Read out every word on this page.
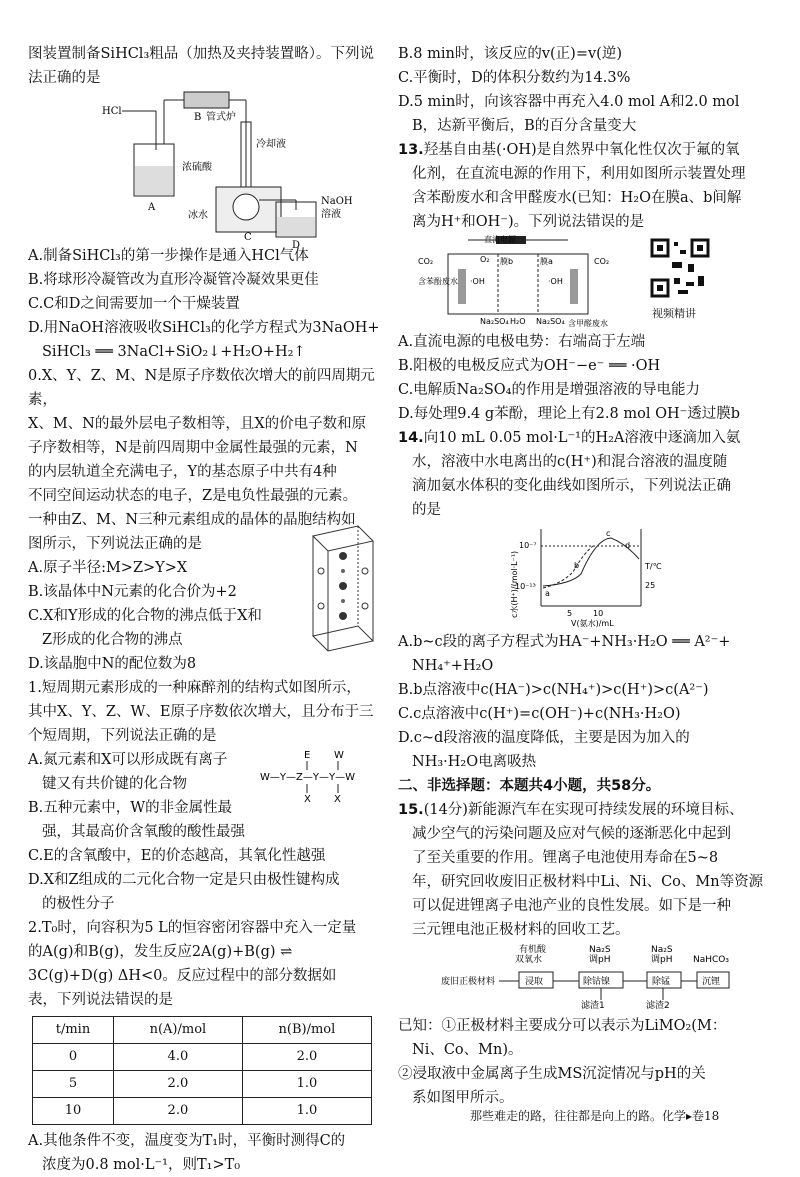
图装置制备SiHCl₃粗品（加热及夹持装置略）。下列说法正确的是

HCl
B 管式炉
浓硫酸
A
冷却液
冰水
C
NaOH
溶液
D

A.制备SiHCl₃的第一步操作是通入HCl气体

B.将球形冷凝管改为直形冷凝管冷凝效果更佳

C.C和D之间需要加一个干燥装置

D.用NaOH溶液吸收SiHCl₃的化学方程式为3NaOH+

SiHCl₃ ══ 3NaCl+SiO₂↓+H₂O+H₂↑

0.X、Y、Z、M、N是原子序数依次增大的前四周期元素，

X、M、N的最外层电子数相等，且X的价电子数和原

子序数相等，N是前四周期中金属性最强的元素，N

的内层轨道全充满电子，Y的基态原子中共有4种

不同空间运动状态的电子，Z是电负性最强的元素。

一种由Z、M、N三种元素组成的晶体的晶胞结构如

图所示，下列说法正确的是

A.原子半径:M>Z>Y>X

B.该晶体中N元素的化合价为+2

C.X和Y形成的化合物的沸点低于X和

Z形成的化合物的沸点

D.该晶胞中N的配位数为8

1.短周期元素形成的一种麻醉剂的结构式如图所示，

其中X、Y、Z、W、E原子序数依次增大，且分布于三

个短周期，下列说法正确的是

A.氮元素和X可以形成既有离子

键又有共价键的化合物

B.五种元素中，W的非金属性最

强，其最高价含氧酸的酸性最强

E W
W—Y—Z—Y—Y—W
X X

C.E的含氧酸中，E的价态越高，其氧化性越强

D.X和Z组成的二元化合物一定是只由极性键构成

的极性分子

2.T₀时，向容积为5 L的恒容密闭容器中充入一定量

的A(g)和B(g)，发生反应2A(g)+B(g) ⇌

3C(g)+D(g) ΔH<0。反应过程中的部分数据如

表，下列说法错误的是

t/min	n(A)/mol	n(B)/mol
0	4.0	2.0
5	2.0	1.0
10	2.0	1.0

A.其他条件不变，温度变为T₁时，平衡时测得C的

浓度为0.8 mol·L⁻¹，则T₁>T₀

B.8 min时，该反应的v(正)=v(逆)

C.平衡时，D的体积分数约为14.3%

D.5 min时，向该容器中再充入4.0 mol A和2.0 mol

B，达新平衡后，B的百分含量变大

13.羟基自由基(·OH)是自然界中氧化性仅次于氟的氧

化剂，在直流电源的作用下，利用如图所示装置处理

含苯酚废水和含甲醛废水(已知：H₂O在膜a、b间解

离为H⁺和OH⁻)。下列说法错误的是

直流电源
CO₂	CO₂
O₂
·OH	·OH
膜b	膜a
含苯酚废水
含甲醛废水
Na₂SO₄	Na₂SO₄
H₂O
视频精讲

A.直流电源的电极电势：右端高于左端

B.阳极的电极反应式为OH⁻−e⁻ ══ ·OH

C.电解质Na₂SO₄的作用是增强溶液的导电能力

D.每处理9.4 g苯酚，理论上有2.8 mol OH⁻透过膜b

14.向10 mL 0.05 mol·L⁻¹的H₂A溶液中逐滴加入氨

水，溶液中水电离出的c(H⁺)和混合溶液的温度随

滴加氨水体积的变化曲线如图所示，下列说法正确

的是

10⁻⁷
10⁻¹³
a
b
c
d
5	10
V(氨水)/mL
T/℃
25
c水(H⁺)/(mol·L⁻¹)

A.b~c段的离子方程式为HA⁻+NH₃·H₂O ══ A²⁻+

NH₄⁺+H₂O

B.b点溶液中c(HA⁻)>c(NH₄⁺)>c(H⁺)>c(A²⁻)

C.c点溶液中c(H⁺)=c(OH⁻)+c(NH₃·H₂O)

D.c~d段溶液的温度降低，主要是因为加入的

NH₃·H₂O电离吸热

二、非选择题：本题共4小题，共58分。

15.(14分)新能源汽车在实现可持续发展的环境目标、

减少空气的污染问题及应对气候的逐渐恶化中起到

了至关重要的作用。锂离子电池使用寿命在5~8

年，研究回收废旧正极材料中Li、Ni、Co、Mn等资源

可以促进锂离子电池产业的良性发展。如下是一种

三元锂电池正极材料的回收工艺。

有机酸
双氧水
Na₂S
调pH
Na₂S
调pH NaHCO₃
废旧正极材料	浸取	除钴镍	除锰	沉锂
滤渣1	滤渣2

已知：①正极材料主要成分可以表示为LiMO₂(M：

Ni、Co、Mn)。

②浸取液中金属离子生成MS沉淀情况与pH的关

系如图甲所示。

那些难走的路，往往都是向上的路。化学▸卷18
